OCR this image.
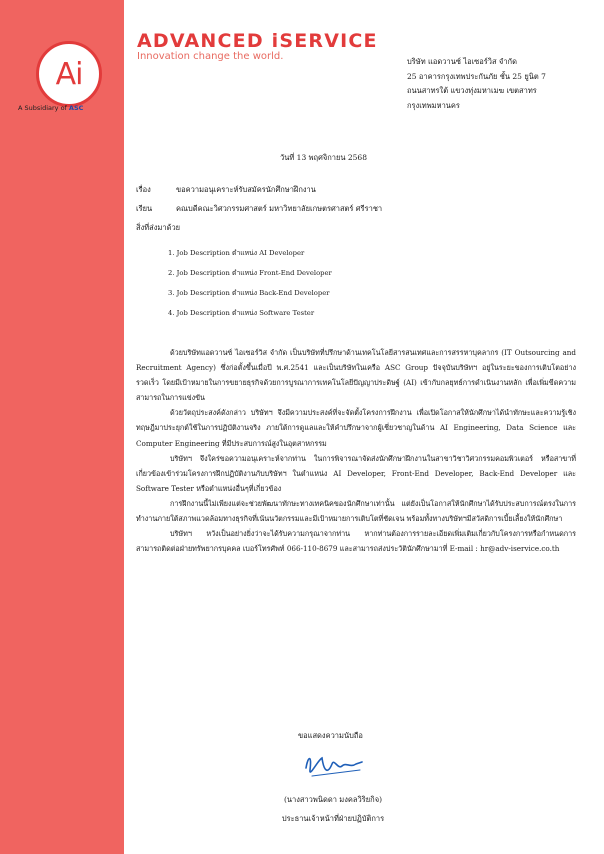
Ai
A Subsidiary of ASC
ADVANCED iSERVICE
Innovation change the world.	บริษัท แอดวานซ์ ไอเซอร์วิส จำกัด
25 อาคารกรุงเทพประกันภัย ชั้น 25 ยูนิต 7
ถนนสาทรใต้ แขวงทุ่งมหาเมฆ เขตสาทร
กรุงเทพมหานคร
วันที่ 13 พฤศจิกายน 2568
เรื่อง	ขอความอนุเคราะห์รับสมัครนักศึกษาฝึกงาน
เรียน	คณบดีคณะวิศวกรรมศาสตร์ มหาวิทยาลัยเกษตรศาสตร์ ศรีราชา
สิ่งที่ส่งมาด้วย
1. Job Description ตำแหน่ง AI Developer
2. Job Description ตำแหน่ง Front-End Developer
3. Job Description ตำแหน่ง Back-End Developer
4. Job Description ตำแหน่ง Software Tester

ด้วยบริษัทแอดวานซ์ ไอเซอร์วิส จำกัด เป็นบริษัทที่ปรึกษาด้านเทคโนโลยีสารสนเทศและการสรรหาบุคลากร (IT Outsourcing and Recruitment Agency) ซึ่งก่อตั้งขึ้นเมื่อปี พ.ศ.2541 และเป็นบริษัทในเครือ ASC Group ปัจจุบันบริษัทฯ อยู่ในระยะของการเติบโตอย่างรวดเร็ว โดยมีเป้าหมายในการขยายธุรกิจด้วยการบูรณาการเทคโนโลยีปัญญาประดิษฐ์ (AI) เข้ากับกลยุทธ์การดำเนินงานหลัก เพื่อเพิ่มขีดความสามารถในการแข่งขัน

ด้วยวัตถุประสงค์ดังกล่าว บริษัทฯ จึงมีความประสงค์ที่จะจัดตั้งโครงการฝึกงาน เพื่อเปิดโอกาสให้นักศึกษาได้นำทักษะและความรู้เชิงทฤษฎีมาประยุกต์ใช้ในการปฏิบัติงานจริง ภายใต้การดูแลและให้คำปรึกษาจากผู้เชี่ยวชาญในด้าน AI Engineering, Data Science และ Computer Engineering ที่มีประสบการณ์สูงในอุตสาหกรรม

บริษัทฯ จึงใคร่ขอความอนุเคราะห์จากท่าน ในการพิจารณาจัดส่งนักศึกษาฝึกงานในสาขาวิชาวิศวกรรมคอมพิวเตอร์ หรือสาขาที่เกี่ยวข้องเข้าร่วมโครงการฝึกปฏิบัติงานกับบริษัทฯ ในตำแหน่ง AI Developer, Front-End Developer, Back-End Developer และ Software Tester หรือตำแหน่งอื่นๆที่เกี่ยวข้อง

การฝึกงานนี้ไม่เพียงแต่จะช่วยพัฒนาทักษะทางเทคนิคของนักศึกษาเท่านั้น แต่ยังเป็นโอกาสให้นักศึกษาได้รับประสบการณ์ตรงในการทำงานภายใต้สภาพแวดล้อมทางธุรกิจที่เน้นนวัตกรรมและมีเป้าหมายการเติบโตที่ชัดเจน พร้อมทั้งทางบริษัทฯมีสวัสดิการเบี้ยเลี้ยงให้นักศึกษา

บริษัทฯ หวังเป็นอย่างยิ่งว่าจะได้รับความกรุณาจากท่าน หากท่านต้องการรายละเอียดเพิ่มเติมเกี่ยวกับโครงการหรือกำหนดการ สามารถติดต่อฝ่ายทรัพยากรบุคคล เบอร์โทรศัพท์ 066-110-8679 และสามารถส่งประวัตินักศึกษามาที่ E-mail : hr@adv-iservice.co.th

ขอแสดงความนับถือ
(นางสาวพนิดดา มงคลวิริยกิจ)
ประธานเจ้าหน้าที่ฝ่ายปฏิบัติการ
